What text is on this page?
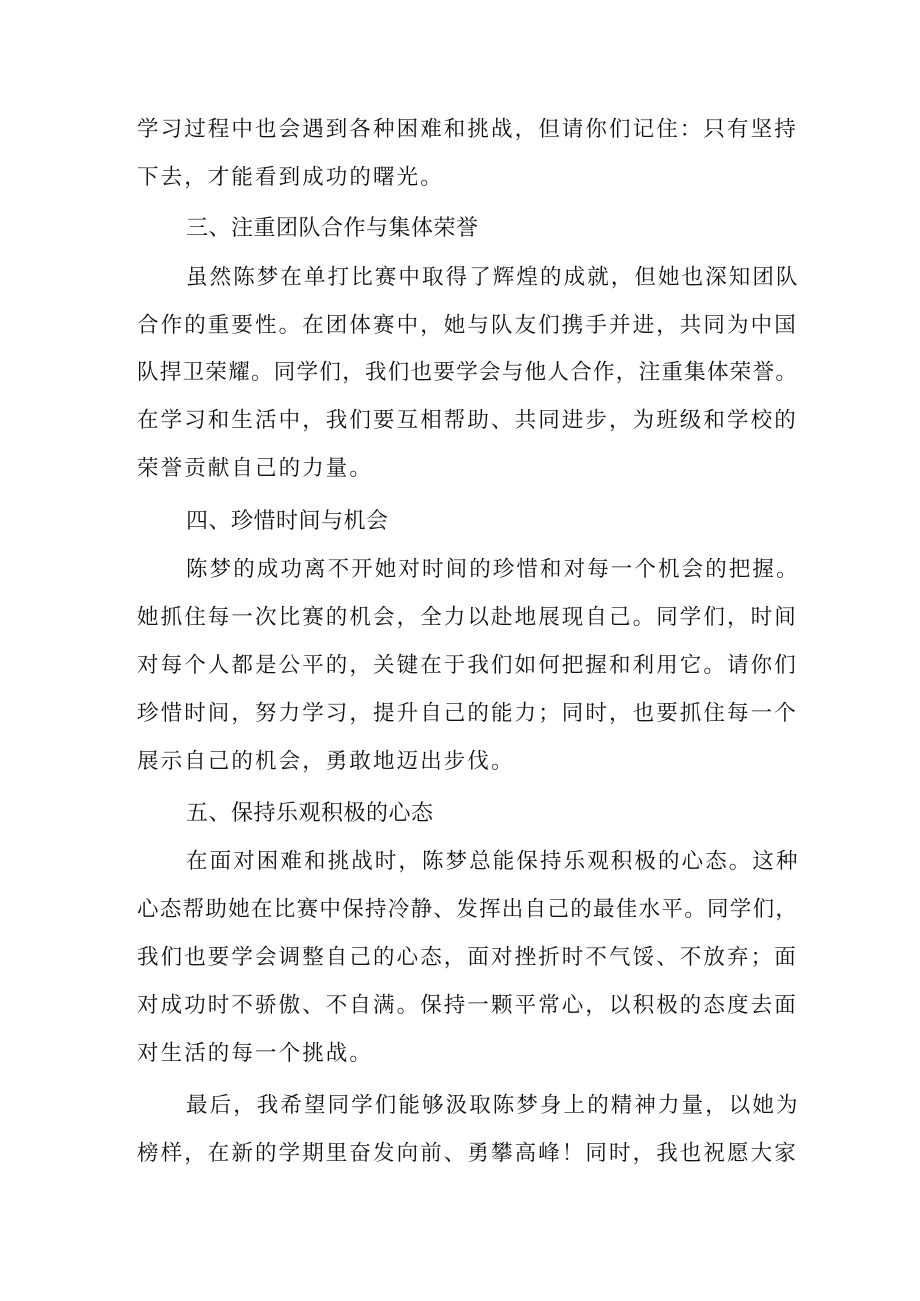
学习过程中也会遇到各种困难和挑战，但请你们记住：只有坚持
下去，才能看到成功的曙光。
三、注重团队合作与集体荣誉
虽然陈梦在单打比赛中取得了辉煌的成就，但她也深知团队
合作的重要性。在团体赛中，她与队友们携手并进，共同为中国
队捍卫荣耀。同学们，我们也要学会与他人合作，注重集体荣誉。
在学习和生活中，我们要互相帮助、共同进步，为班级和学校的
荣誉贡献自己的力量。
四、珍惜时间与机会
陈梦的成功离不开她对时间的珍惜和对每一个机会的把握。
她抓住每一次比赛的机会，全力以赴地展现自己。同学们，时间
对每个人都是公平的，关键在于我们如何把握和利用它。请你们
珍惜时间，努力学习，提升自己的能力；同时，也要抓住每一个
展示自己的机会，勇敢地迈出步伐。
五、保持乐观积极的心态
在面对困难和挑战时，陈梦总能保持乐观积极的心态。这种
心态帮助她在比赛中保持冷静、发挥出自己的最佳水平。同学们，
我们也要学会调整自己的心态，面对挫折时不气馁、不放弃；面
对成功时不骄傲、不自满。保持一颗平常心，以积极的态度去面
对生活的每一个挑战。
最后，我希望同学们能够汲取陈梦身上的精神力量，以她为
榜样，在新的学期里奋发向前、勇攀高峰！同时，我也祝愿大家
